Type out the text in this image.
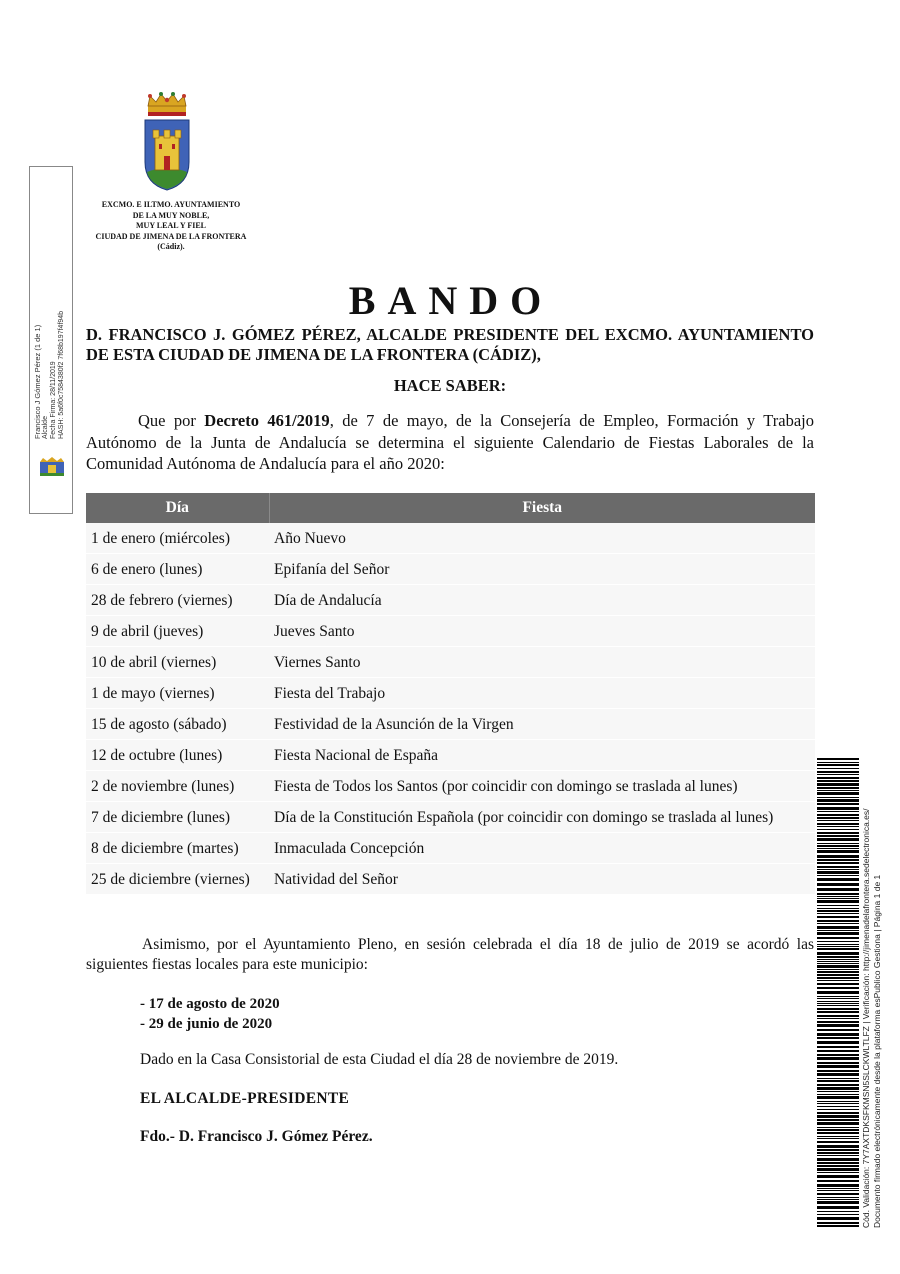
EXCMO. E ILTMO. AYUNTAMIENTO
DE LA MUY NOBLE,
MUY LEAL Y FIEL
CIUDAD DE JIMENA DE LA FRONTERA
(Cádiz).
Francisco J Gómez Pérez (1 de 1) Alcalde Fecha Firma: 28/11/2019 HASH: 5a6f0c7584380f2 7f68b197f4f94b
BANDO
D. FRANCISCO J. GÓMEZ PÉREZ, ALCALDE PRESIDENTE DEL EXCMO. AYUNTAMIENTO DE ESTA CIUDAD DE JIMENA DE LA FRONTERA (CÁDIZ),
HACE SABER:
Que por Decreto 461/2019, de 7 de mayo, de la Consejería de Empleo, Formación y Trabajo Autónomo de la Junta de Andalucía se determina el siguiente Calendario de Fiestas Laborales de la Comunidad Autónoma de Andalucía para el año 2020:
Día	Fiesta
1 de enero (miércoles)	Año Nuevo
6 de enero (lunes)	Epifanía del Señor
28 de febrero (viernes)	Día de Andalucía
9 de abril (jueves)	Jueves Santo
10 de abril (viernes)	Viernes Santo
1 de mayo (viernes)	Fiesta del Trabajo
15 de agosto (sábado)	Festividad de la Asunción de la Virgen
12 de octubre (lunes)	Fiesta Nacional de España
2 de noviembre (lunes)	Fiesta de Todos los Santos (por coincidir con domingo se traslada al lunes)
7 de diciembre (lunes)	Día de la Constitución Española (por coincidir con domingo se traslada al lunes)
8 de diciembre (martes)	Inmaculada Concepción
25 de diciembre (viernes)	Natividad del Señor
Asimismo, por el Ayuntamiento Pleno, en sesión celebrada el día 18 de julio de 2019 se acordó las siguientes fiestas locales para este municipio:
- 17 de agosto de 2020
- 29 de junio de 2020
Dado en la Casa Consistorial de esta Ciudad el día 28 de noviembre de 2019.
EL ALCALDE-PRESIDENTE
Fdo.- D. Francisco J. Gómez Pérez.	Cód. Validación: 7Y7AXTDKSFKMSN5SLCKWLTLFZ | Verificación: http://jimenadelafrontera.sedelectronica.es/ Documento firmado electrónicamente desde la plataforma esPublico Gestiona | Página 1 de 1
